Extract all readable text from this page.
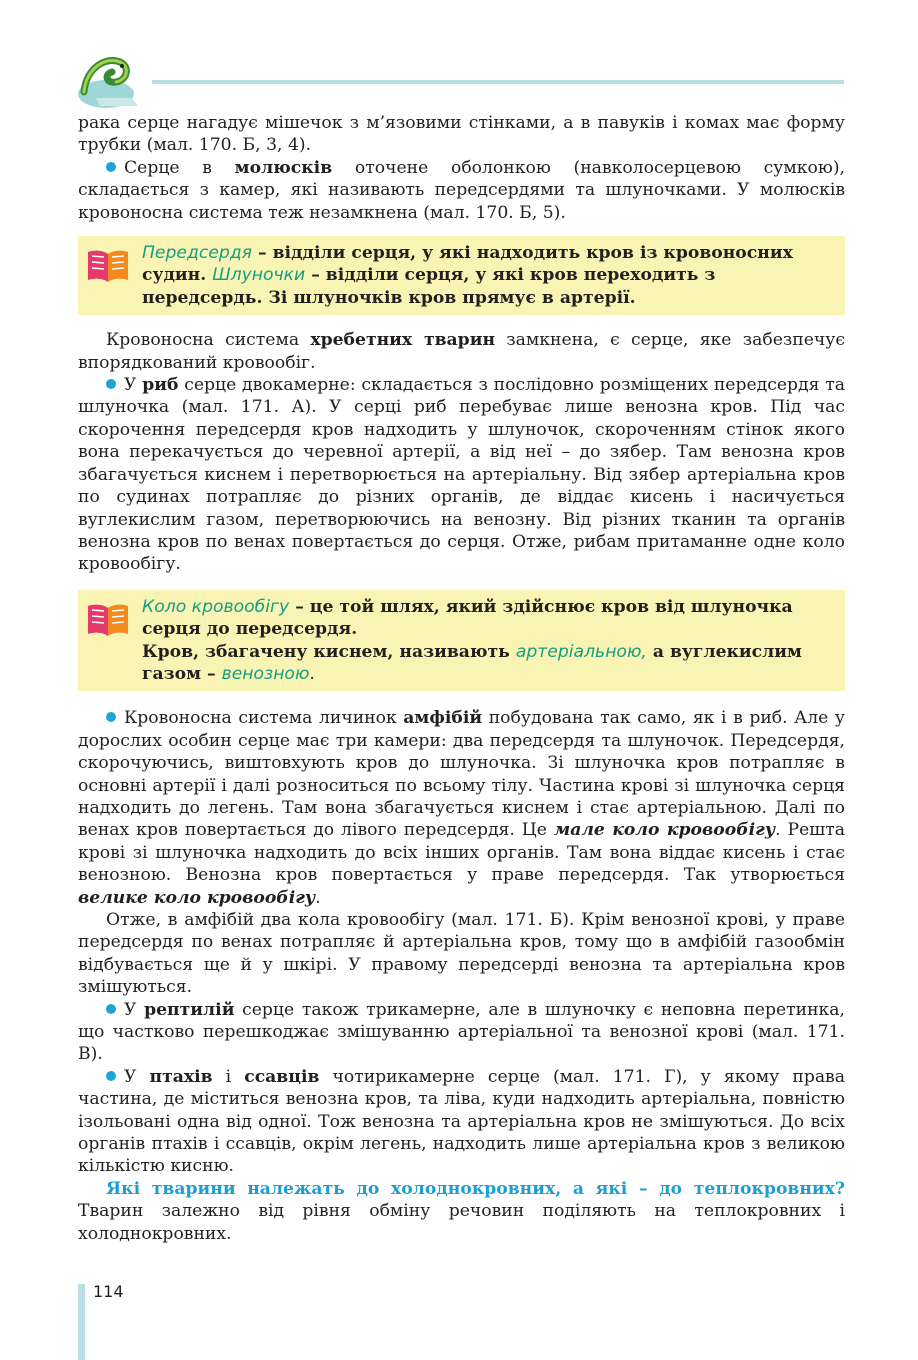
рака серце нагадує мішечок з м’язовими стінками, а в павуків і комах має форму трубки (мал. 170. Б, 3, 4).

Серце в молюсків оточене оболонкою (навколосерцевою сумкою), складається з камер, які називають передсердями та шлуночками. У молюсків кровоносна система теж незамкнена (мал. 170. Б, 5).

Передсердя – відділи серця, у які надходить кров із кровоносних судин. Шлуночки – відділи серця, у які кров переходить з передсердь. Зі шлуночків кров прямує в артерії.

Кровоносна система хребетних тварин замкнена, є серце, яке забезпечує впорядкований кровообіг.

У риб серце двокамерне: складається з послідовно розміщених передсердя та шлуночка (мал. 171. А). У серці риб перебуває лише венозна кров. Під час скорочення передсердя кров надходить у шлуночок, скороченням стінок якого вона перекачується до черевної артерії, а від неї – до зябер. Там венозна кров збагачується киснем і перетворюється на артеріальну. Від зябер артеріальна кров по судинах потрапляє до різних органів, де віддає кисень і насичується вуглекислим газом, перетворюючись на венозну. Від різних тканин та органів венозна кров по венах повертається до серця. Отже, рибам притаманне одне коло кровообігу.

Коло кровообігу – це той шлях, який здійснює кров від шлуночка серця до передсердя.
Кров, збагачену киснем, називають артеріальною, а вуглекислим газом – венозною.

Кровоносна система личинок амфібій побудована так само, як і в риб. Але у дорослих особин серце має три камери: два передсердя та шлуночок. Передсердя, скорочуючись, виштовхують кров до шлуночка. Зі шлуночка кров потрапляє в основні артерії і далі розноситься по всьому тілу. Частина крові зі шлуночка серця надходить до легень. Там вона збагачується киснем і стає артеріальною. Далі по венах кров повертається до лівого передсердя. Це мале коло кровообігу. Решта крові зі шлуночка надходить до всіх інших органів. Там вона віддає кисень і стає венозною. Венозна кров повертається у праве передсердя. Так утворюється велике коло кровообігу.

Отже, в амфібій два кола кровообігу (мал. 171. Б). Крім венозної крові, у праве передсердя по венах потрапляє й артеріальна кров, тому що в амфібій газообмін відбувається ще й у шкірі. У правому передсерді венозна та артеріальна кров змішуються.

У рептилій серце також трикамерне, але в шлуночку є неповна перетинка, що частково перешкоджає змішуванню артеріальної та венозної крові (мал. 171. В).

У птахів і ссавців чотирикамерне серце (мал. 171. Г), у якому права частина, де міститься венозна кров, та ліва, куди надходить артеріальна, повністю ізольовані одна від одної. Тож венозна та артеріальна кров не змішуються. До всіх органів птахів і ссавців, окрім легень, надходить лише артеріальна кров з великою кількістю кисню.

Які тварини належать до холоднокровних, а які – до теплокровних? Тварин залежно від рівня обміну речовин поділяють на теплокровних і холоднокровних.

114
